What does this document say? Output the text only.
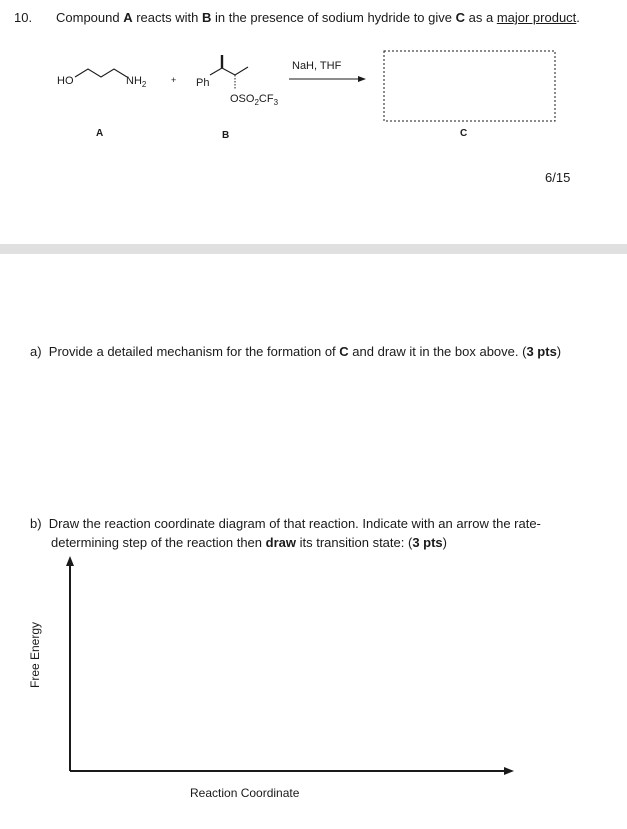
10. Compound A reacts with B in the presence of sodium hydride to give C as a major product.
HO	$NH_2$	+ Ph
$OSO_2CF_3$
NaH, THF
A	B	C
6/15
a) Provide a detailed mechanism for the formation of C and draw it in the box above. (3 pts)
b) Draw the reaction coordinate diagram of that reaction. Indicate with an arrow the rate-
determining step of the reaction then draw its transition state: (3 pts)
Free Energy
Reaction Coordinate
